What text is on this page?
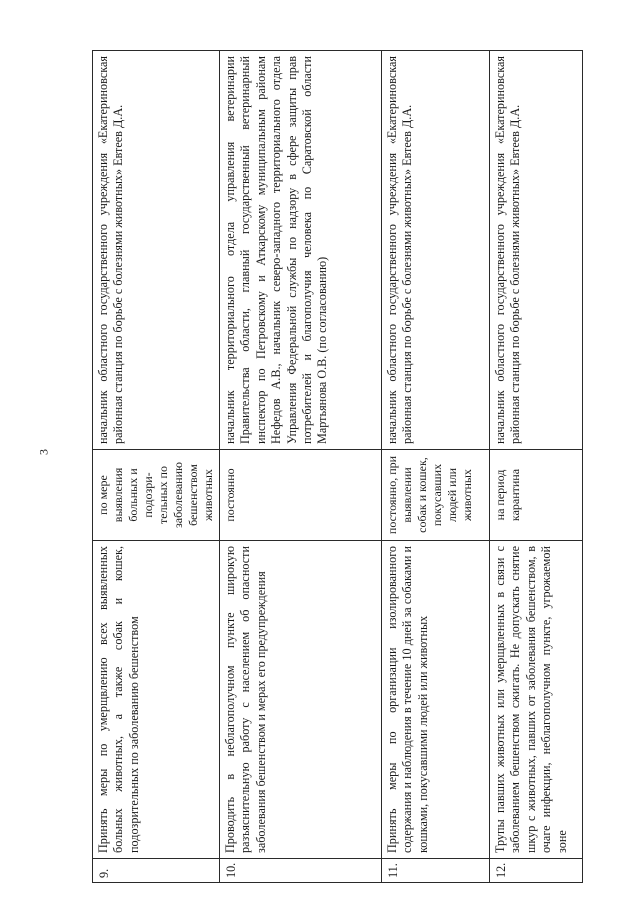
3
9.	Принять меры по умерщвлению всех выявленных больных животных, а также собак и кошек, подозрительных по заболеванию бешенством	по мере выявления больных и подозри-тельных по заболеванию бешенством животных	начальник областного государственного учреждения «Екатериновская районная станция по борьбе с болезнями животных» Евтеев Д.А.
10.	Проводить в неблагополучном пункте широкую разъяснительную работу с населением об опасности заболевания бешенством и мерах его предупреждения	постоянно	начальник территориального отдела управления ветеринарии Правительства области, главный государственный ветеринарный инспектор по Петровскому и Аткарскому муниципальным районам Нефедов А.В., начальник северо-западного территориального отдела Управления Федеральной службы по надзору в сфере защиты прав потребителей и благополучия человека по Саратовской области Мартьянова О.В. (по согласованию)
11.	Принять меры по организации изолированного содержания и наблюдения в течение 10 дней за собаками и кошками, покусавшими людей или животных	постоянно, при выявлении собак и кошек, покусавших людей или животных	начальник областного государственного учреждения «Екатериновская районная станция по борьбе с болезнями животных» Евтеев Д.А.
12.	Трупы павших животных или умерщвленных в связи с заболеванием бешенством сжигать. Не допускать снятие шкур с животных, павших от заболевания бешенством, в очаге инфекции, неблагополучном пункте, угрожаемой зоне	на период карантина	начальник областного государственного учреждения «Екатериновская районная станция по борьбе с болезнями животных» Евтеев Д.А.
